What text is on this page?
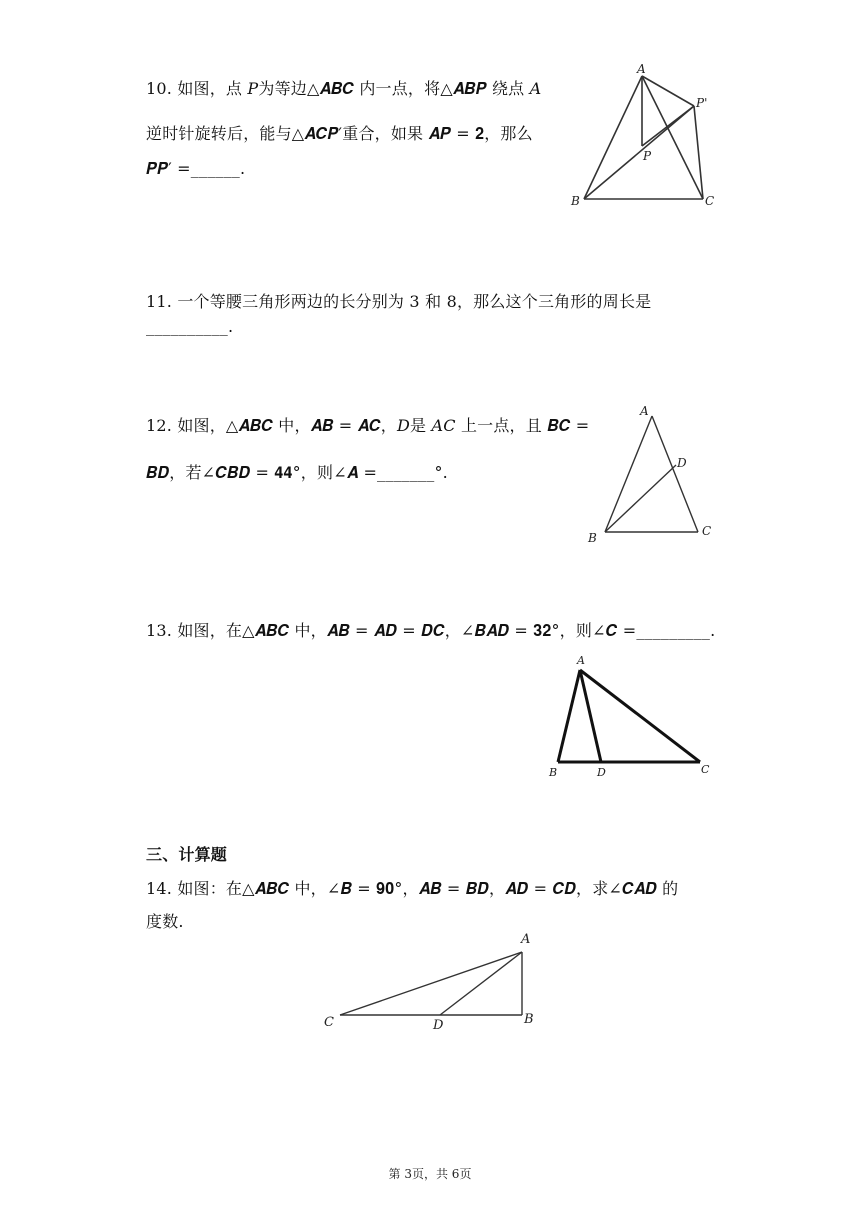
10. 如图，点 𝑃为等边△𝑨𝑩𝑪 内一点，将△𝑨𝑩𝑷 绕点 𝐴
逆时针旋转后，能与△𝑨𝑪𝑷′重合，如果 𝑨𝑷 = 𝟐，那么
𝑷𝑷′ =______.
A
P'
P
B	C
11. 一个等腰三角形两边的长分别为 3 和 8，那么这个三角形的周长是
__________.
12. 如图，△𝑨𝑩𝑪 中，𝑨𝑩 = 𝑨𝑪，𝐷是 𝐴𝐶 上一点，且 𝑩𝑪 =
𝑩𝑫，若∠𝑪𝑩𝑫 = 𝟒𝟒°，则∠𝑨 =_______°.
A
D
B	C
13. 如图，在△𝑨𝑩𝑪 中，𝑨𝑩 = 𝑨𝑫 = 𝑫𝑪，∠𝑩𝑨𝑫 = 𝟑𝟐°，则∠𝑪 =_________.
A
B	D	C
三、计算题
14. 如图：在△𝑨𝑩𝑪 中，∠𝑩 = 𝟗𝟎°，𝑨𝑩 = 𝑩𝑫，𝑨𝑫 = 𝑪𝑫，求∠𝑪𝑨𝑫 的
度数.
A
C	D	B
第 3页，共 6页
